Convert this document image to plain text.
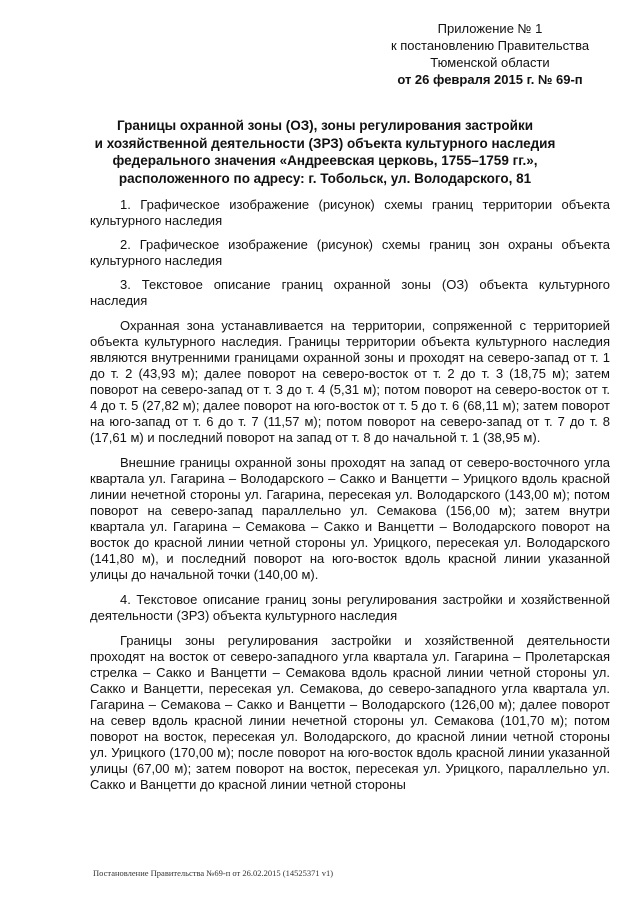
Приложение № 1
к постановлению Правительства
Тюменской области
от 26 февраля 2015 г. № 69-п
Границы охранной зоны (ОЗ), зоны регулирования застройки
и хозяйственной деятельности (ЗРЗ) объекта культурного наследия
федерального значения «Андреевская церковь, 1755–1759 гг.»,
расположенного по адресу: г. Тобольск, ул. Володарского, 81

1. Графическое изображение (рисунок) схемы границ территории объекта культурного наследия

2. Графическое изображение (рисунок) схемы границ зон охраны объекта культурного наследия

3. Текстовое описание границ охранной зоны (ОЗ) объекта культурного наследия

Охранная зона устанавливается на территории, сопряженной с территорией объекта культурного наследия. Границы территории объекта культурного наследия являются внутренними границами охранной зоны и проходят на северо-запад от т. 1 до т. 2 (43,93 м); далее поворот на северо-восток от т. 2 до т. 3 (18,75 м); затем поворот на северо-запад от т. 3 до т. 4 (5,31 м); потом поворот на северо-восток от т. 4 до т. 5 (27,82 м); далее поворот на юго-восток от т. 5 до т. 6 (68,11 м); затем поворот на юго-запад от т. 6 до т. 7 (11,57 м); потом поворот на северо-запад от т. 7 до т. 8 (17,61 м) и последний поворот на запад от т. 8 до начальной т. 1 (38,95 м).

Внешние границы охранной зоны проходят на запад от северо-восточного угла квартала ул. Гагарина – Володарского – Сакко и Ванцетти – Урицкого вдоль красной линии нечетной стороны ул. Гагарина, пересекая ул. Володарского (143,00 м); потом поворот на северо-запад параллельно ул. Семакова (156,00 м); затем внутри квартала ул. Гагарина – Семакова – Сакко и Ванцетти – Володарского поворот на восток до красной линии четной стороны ул. Урицкого, пересекая ул. Володарского (141,80 м), и последний поворот на юго-восток вдоль красной линии указанной улицы до начальной точки (140,00 м).

4. Текстовое описание границ зоны регулирования застройки и хозяйственной деятельности (ЗРЗ) объекта культурного наследия

Границы зоны регулирования застройки и хозяйственной деятельности проходят на восток от северо-западного угла квартала ул. Гагарина – Пролетарская стрелка – Сакко и Ванцетти – Семакова вдоль красной линии четной стороны ул. Сакко и Ванцетти, пересекая ул. Семакова, до северо-западного угла квартала ул. Гагарина – Семакова – Сакко и Ванцетти – Володарского (126,00 м); далее поворот на север вдоль красной линии нечетной стороны ул. Семакова (101,70 м); потом поворот на восток, пересекая ул. Володарского, до красной линии четной стороны ул. Урицкого (170,00 м); после поворот на юго-восток вдоль красной линии указанной улицы (67,00 м); затем поворот на восток, пересекая ул. Урицкого, параллельно ул. Сакко и Ванцетти до красной линии четной стороны

Постановление Правительства №69-п от 26.02.2015 (14525371 v1)
